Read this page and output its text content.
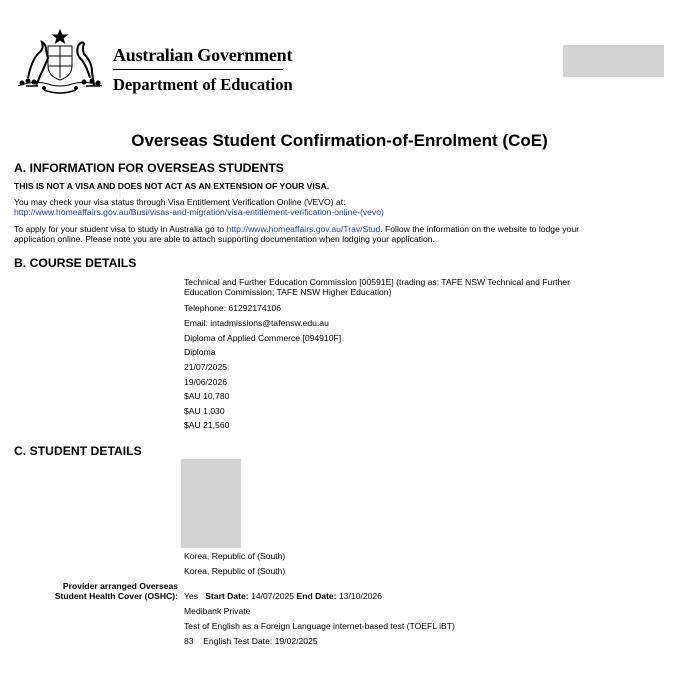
Australian Government
Department of Education
Overseas Student Confirmation-of-Enrolment (CoE)
A. INFORMATION FOR OVERSEAS STUDENTS
THIS IS NOT A VISA AND DOES NOT ACT AS AN EXTENSION OF YOUR VISA.
You may check your visa status through Visa Entitlement Verification Online (VEVO) at:
http://www.homeaffairs.gov.au/Busi/visas-and-migration/visa-entitlement-verification-online-(vevo)
To apply for your student visa to study in Australia go to http://www.homeaffairs.gov.au/Trav/Stud. Follow the information on the website to lodge your
application online. Please note you are able to attach supporting documentation when lodging your application.
B. COURSE DETAILS
Technical and Further Education Commission [00591E] (trading as: TAFE NSW Technical and Further
Education Commission; TAFE NSW Higher Education)
Telephone: 61292174106
Email: intadmissions@tafensw.edu.au
Diploma of Applied Commerce [094910F]
Diploma
21/07/2025
19/06/2026
$AU 10,780
$AU 1,030
$AU 21,560
C. STUDENT DETAILS
Korea, Republic of (South)
Korea, Republic of (South)
Provider arranged Overseas
Student Health Cover (OSHC): Yes Start Date: 14/07/2025 End Date: 13/10/2026
Medibank Private
Test of English as a Foreign Language internet-based test (TOEFL iBT)
83 English Test Date: 19/02/2025
